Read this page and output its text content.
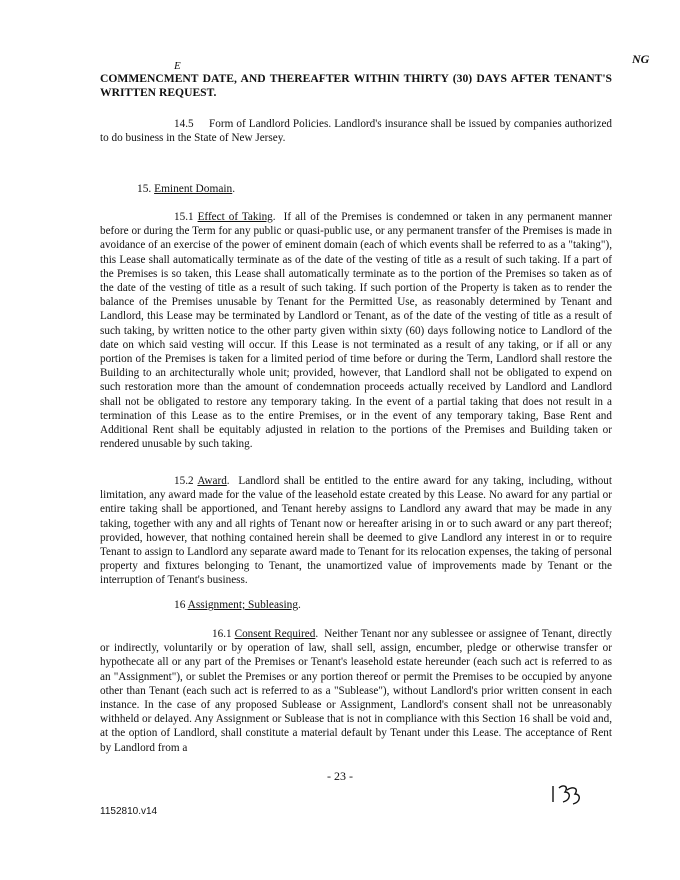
E	NG
COMMENCMENT DATE, AND THEREAFTER WITHIN THIRTY (30) DAYS AFTER TENANT'S WRITTEN REQUEST.
14.5 Form of Landlord Policies. Landlord's insurance shall be issued by companies authorized to do business in the State of New Jersey.
15. Eminent Domain.
15.1 Effect of Taking.  If all of the Premises is condemned or taken in any permanent manner before or during the Term for any public or quasi-public use, or any permanent transfer of the Premises is made in avoidance of an exercise of the power of eminent domain (each of which events shall be referred to as a "taking"), this Lease shall automatically terminate as of the date of the vesting of title as a result of such taking. If a part of the Premises is so taken, this Lease shall automatically terminate as to the portion of the Premises so taken as of the date of the vesting of title as a result of such taking. If such portion of the Property is taken as to render the balance of the Premises unusable by Tenant for the Permitted Use, as reasonably determined by Tenant and Landlord, this Lease may be terminated by Landlord or Tenant, as of the date of the vesting of title as a result of such taking, by written notice to the other party given within sixty (60) days following notice to Landlord of the date on which said vesting will occur. If this Lease is not terminated as a result of any taking, or if all or any portion of the Premises is taken for a limited period of time before or during the Term, Landlord shall restore the Building to an architecturally whole unit; provided, however, that Landlord shall not be obligated to expend on such restoration more than the amount of condemnation proceeds actually received by Landlord and Landlord shall not be obligated to restore any temporary taking. In the event of a partial taking that does not result in a termination of this Lease as to the entire Premises, or in the event of any temporary taking, Base Rent and Additional Rent shall be equitably adjusted in relation to the portions of the Premises and Building taken or rendered unusable by such taking.
15.2 Award.  Landlord shall be entitled to the entire award for any taking, including, without limitation, any award made for the value of the leasehold estate created by this Lease. No award for any partial or entire taking shall be apportioned, and Tenant hereby assigns to Landlord any award that may be made in any taking, together with any and all rights of Tenant now or hereafter arising in or to such award or any part thereof; provided, however, that nothing contained herein shall be deemed to give Landlord any interest in or to require Tenant to assign to Landlord any separate award made to Tenant for its relocation expenses, the taking of personal property and fixtures belonging to Tenant, the unamortized value of improvements made by Tenant or the interruption of Tenant's business.
16 Assignment; Subleasing.
16.1 Consent Required.  Neither Tenant nor any sublessee or assignee of Tenant, directly or indirectly, voluntarily or by operation of law, shall sell, assign, encumber, pledge or otherwise transfer or hypothecate all or any part of the Premises or Tenant's leasehold estate hereunder (each such act is referred to as an "Assignment"), or sublet the Premises or any portion thereof or permit the Premises to be occupied by anyone other than Tenant (each such act is referred to as a "Sublease"), without Landlord's prior written consent in each instance. In the case of any proposed Sublease or Assignment, Landlord's consent shall not be unreasonably withheld or delayed. Any Assignment or Sublease that is not in compliance with this Section 16 shall be void and, at the option of Landlord, shall constitute a material default by Tenant under this Lease. The acceptance of Rent by Landlord from a
- 23 -
1152810.v14
